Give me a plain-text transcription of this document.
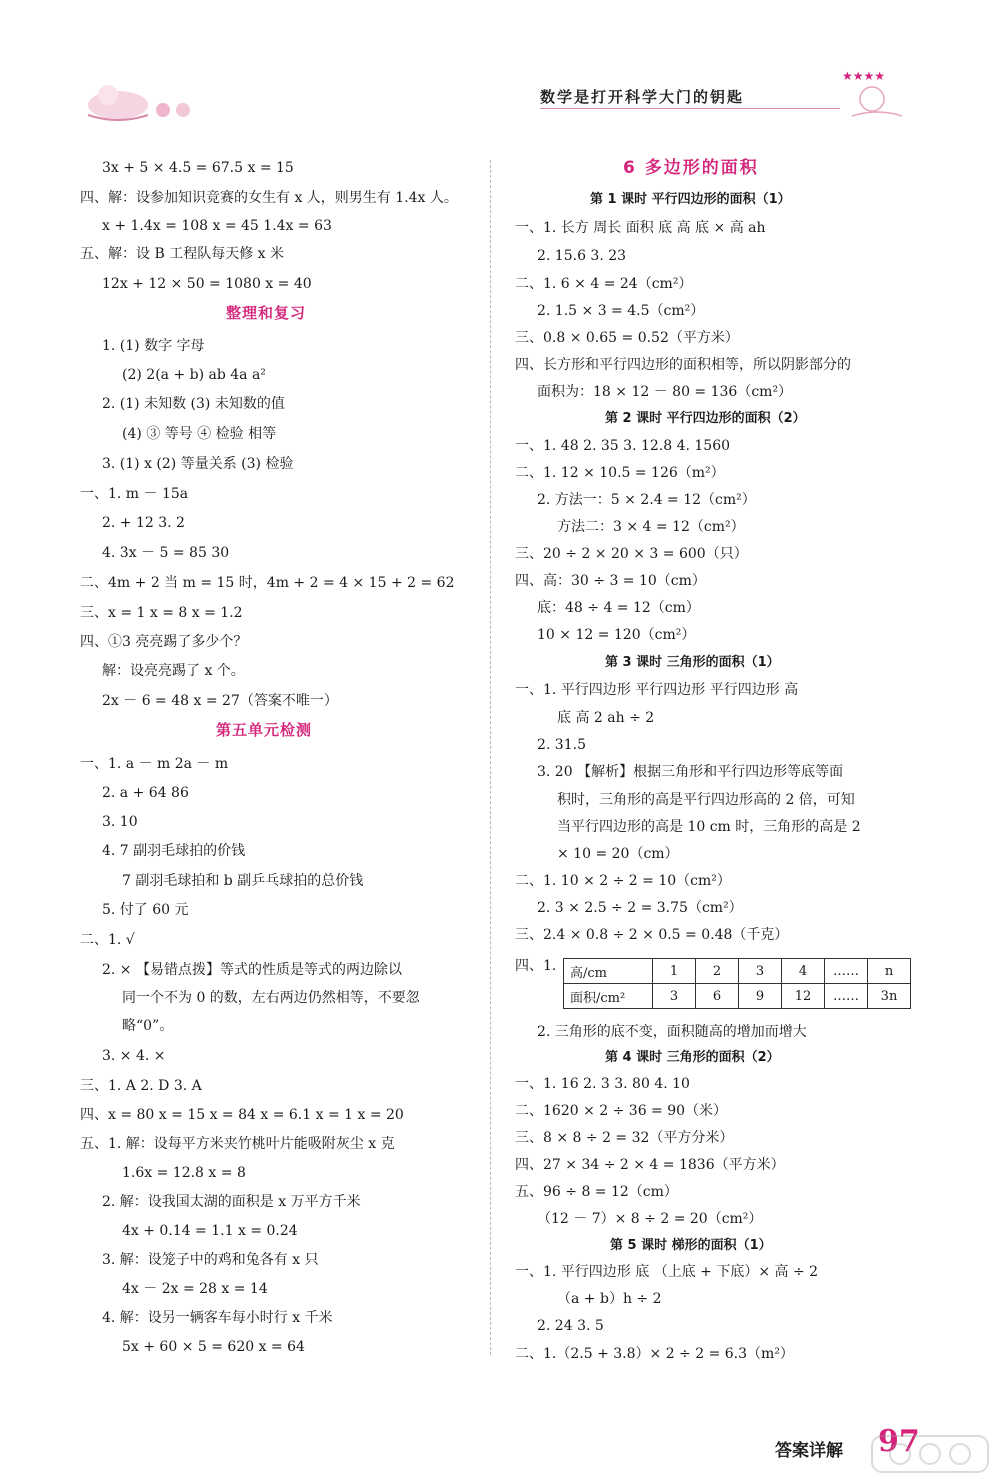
数学是打开科学大门的钥匙
★★★★
3x + 5 × 4.5 = 67.5 x = 15
四、解：设参加知识竞赛的女生有 x 人，则男生有 1.4x 人。
x + 1.4x = 108 x = 45 1.4x = 63
五、解：设 B 工程队每天修 x 米
12x + 12 × 50 = 1080 x = 40
整理和复习
1. (1) 数字 字母
(2) 2(a + b) ab 4a a²
2. (1) 未知数 (3) 未知数的值
(4) ③ 等号 ④ 检验 相等
3. (1) x (2) 等量关系 (3) 检验
一、1. m － 15a
2. + 12 3. 2
4. 3x － 5 = 85 30
二、4m + 2 当 m = 15 时，4m + 2 = 4 × 15 + 2 = 62
三、x = 1 x = 8 x = 1.2
四、①3 亮亮踢了多少个？
解：设亮亮踢了 x 个。
2x － 6 = 48 x = 27（答案不唯一）
第五单元检测
一、1. a － m 2a － m
2. a + 64 86
3. 10
4. 7 副羽毛球拍的价钱
7 副羽毛球拍和 b 副乒乓球拍的总价钱
5. 付了 60 元
二、1. √
2. × 【易错点拨】等式的性质是等式的两边除以
同一个不为 0 的数，左右两边仍然相等，不要忽
略“0”。
3. × 4. ×
三、1. A 2. D 3. A
四、x = 80 x = 15 x = 84 x = 6.1 x = 1 x = 20
五、1. 解：设每平方米夹竹桃叶片能吸附灰尘 x 克
1.6x = 12.8 x = 8
2. 解：设我国太湖的面积是 x 万平方千米
4x + 0.14 = 1.1 x = 0.24
3. 解：设笼子中的鸡和兔各有 x 只
4x － 2x = 28 x = 14
4. 解：设另一辆客车每小时行 x 千米
5x + 60 × 5 = 620 x = 64
6 多边形的面积
第 1 课时 平行四边形的面积（1）
一、1. 长方 周长 面积 底 高 底 × 高 ah
2. 15.6 3. 23
二、1. 6 × 4 = 24（cm²）
2. 1.5 × 3 = 4.5（cm²）
三、0.8 × 0.65 = 0.52（平方米）
四、长方形和平行四边形的面积相等，所以阴影部分的
面积为：18 × 12 － 80 = 136（cm²）
第 2 课时 平行四边形的面积（2）
一、1. 48 2. 35 3. 12.8 4. 1560
二、1. 12 × 10.5 = 126（m²）
2. 方法一：5 × 2.4 = 12（cm²）
方法二：3 × 4 = 12（cm²）
三、20 ÷ 2 × 20 × 3 = 600（只）
四、高：30 ÷ 3 = 10（cm）
底：48 ÷ 4 = 12（cm）
10 × 12 = 120（cm²）
第 3 课时 三角形的面积（1）
一、1. 平行四边形 平行四边形 平行四边形 高
底 高 2 ah ÷ 2
2. 31.5
3. 20 【解析】根据三角形和平行四边形等底等面
积时，三角形的高是平行四边形高的 2 倍，可知
当平行四边形的高是 10 cm 时，三角形的高是 2
× 10 = 20（cm）
二、1. 10 × 2 ÷ 2 = 10（cm²）
2. 3 × 2.5 ÷ 2 = 3.75（cm²）
三、2.4 × 0.8 ÷ 2 × 0.5 = 0.48（千克）
四、1. 高/cm	1	2	3	4	……	n
面积/cm²	3	6	9	12	……	3n
2. 三角形的底不变，面积随高的增加而增大
第 4 课时 三角形的面积（2）
一、1. 16 2. 3 3. 80 4. 10
二、1620 × 2 ÷ 36 = 90（米）
三、8 × 8 ÷ 2 = 32（平方分米）
四、27 × 34 ÷ 2 × 4 = 1836（平方米）
五、96 ÷ 8 = 12（cm）
（12 － 7）× 8 ÷ 2 = 20（cm²）
第 5 课时 梯形的面积（1）
一、1. 平行四边形 底 （上底 + 下底）× 高 ÷ 2
（a + b）h ÷ 2
2. 24 3. 5
二、1.（2.5 + 3.8）× 2 ÷ 2 = 6.3（m²）
答案详解 97
